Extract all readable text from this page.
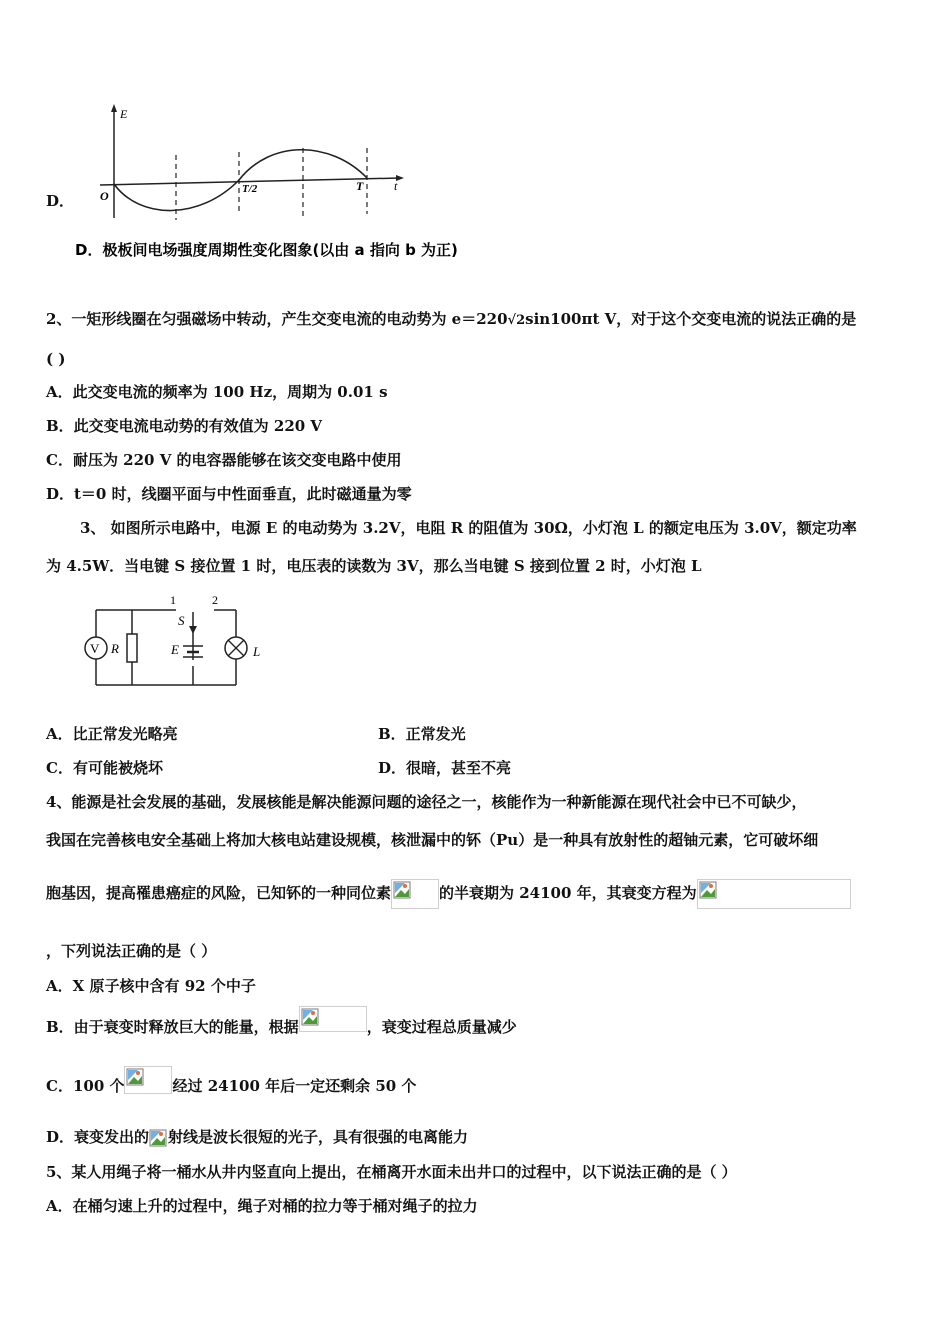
D．
E
t
O	T/2	T
D．极板间电场强度周期性变化图象(以由 a 指向 b 为正)
2、一矩形线圈在匀强磁场中转动，产生交变电流的电动势为 e＝220√2sin100πt V，对于这个交变电流的说法正确的是
( )
A．此交变电流的频率为 100 Hz，周期为 0.01 s
B．此交变电流电动势的有效值为 220 V
C．耐压为 220 V 的电容器能够在该交变电路中使用
D．t＝0 时，线圈平面与中性面垂直，此时磁通量为零
3、 如图所示电路中，电源 E 的电动势为 3.2V，电阻 R 的阻值为 30Ω，小灯泡 L 的额定电压为 3.0V，额定功率
为 4.5W．当电键 S 接位置 1 时，电压表的读数为 3V，那么当电键 S 接到位置 2 时，小灯泡 L
V R	E	L
1	2
S
A．比正常发光略亮	B．正常发光
C．有可能被烧坏	D．很暗，甚至不亮
4、能源是社会发展的基础，发展核能是解决能源问题的途径之一，核能作为一种新能源在现代社会中已不可缺少，
我国在完善核电安全基础上将加大核电站建设规模，核泄漏中的钚（Pu）是一种具有放射性的超铀元素，它可破坏细
胞基因，提高罹患癌症的风险，已知钚的一种同位素	的半衰期为 24100 年，其衰变方程为
，下列说法正确的是（ ）
A．X 原子核中含有 92 个中子
B．由于衰变时释放巨大的能量，根据	，衰变过程总质量减少
C．100 个	经过 24100 年后一定还剩余 50 个
D．衰变发出的 射线是波长很短的光子，具有很强的电离能力
5、某人用绳子将一桶水从井内竖直向上提出，在桶离开水面未出井口的过程中，以下说法正确的是（ ）
A．在桶匀速上升的过程中，绳子对桶的拉力等于桶对绳子的拉力
